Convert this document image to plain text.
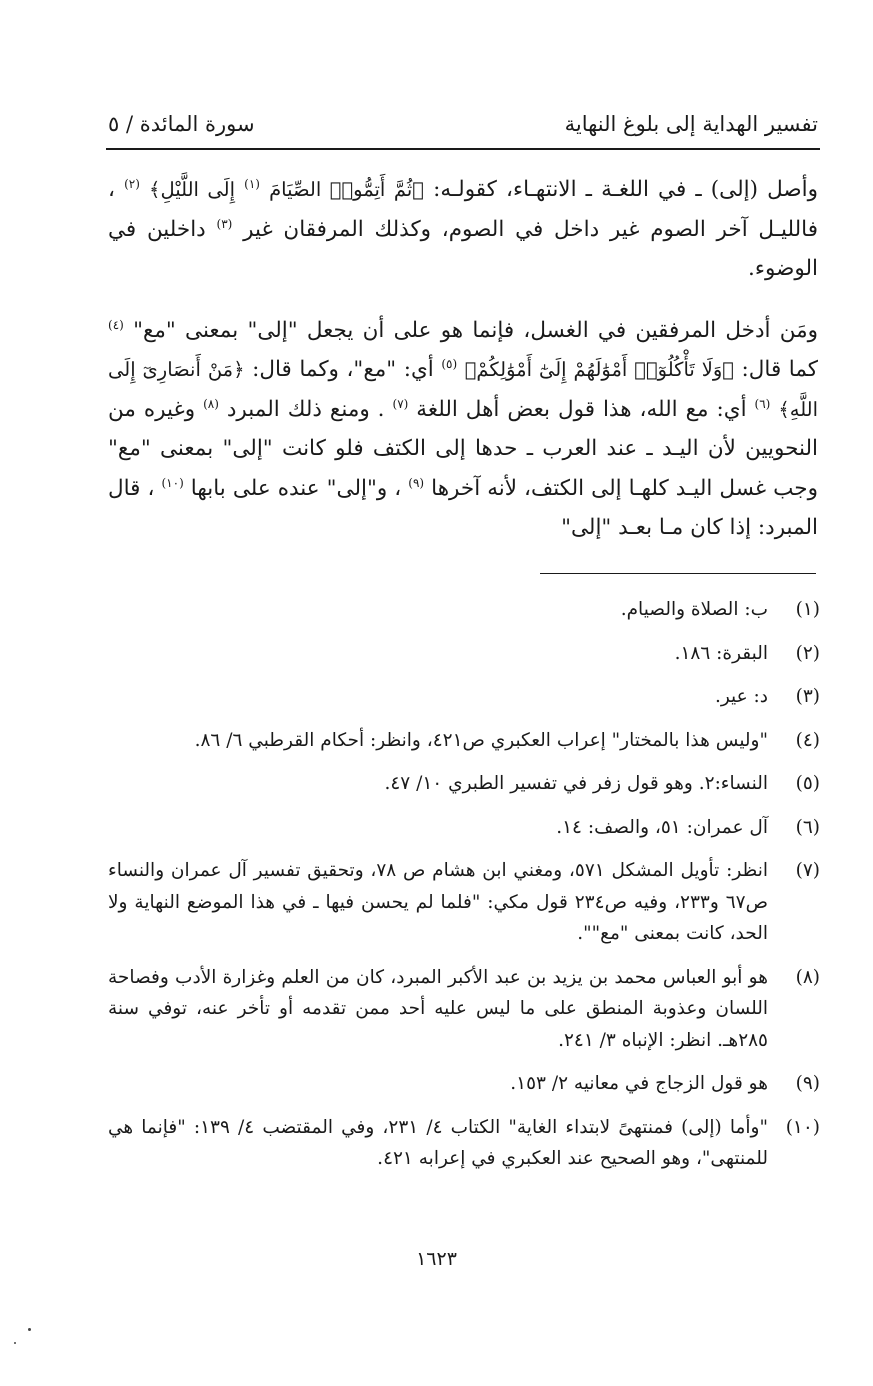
تفسير الهداية إلى بلوغ النهاية
سورة المائدة / ٥

وأصل (إلى) ـ في اللغـة ـ الانتهـاء، كقولـه: ﴿ثُمَّ أَتِمُّوا۟ الصِّيَامَ $^{(١)}$ إِلَى اللَّيْلِ﴾ $^{(٢)}$ ، فالليـل آخر الصوم غير داخل في الصوم، وكذلك المرفقان غير $^{(٣)}$ داخلين في الوضوء.

ومَن أدخل المرفقين في الغسل، فإنما هو على أن يجعل "إلى" بمعنى "مع" $^{(٤)}$ كما قال: ﴿وَلَا تَأْكُلُوٓا۟ أَمْوَٰلَهُمْ إِلَىٰٓ أَمْوَٰلِكُمْ﴾ $^{(٥)}$ أي: "مع"، وكما قال: ﴿مَنْ أَنصَارِىٓ إِلَى اللَّهِ﴾ $^{(٦)}$ أي: مع الله، هذا قول بعض أهل اللغة $^{(٧)}$ . ومنع ذلك المبرد $^{(٨)}$ وغيره من النحويين لأن اليـد ـ عند العرب ـ حدها إلى الكتف فلو كانت "إلى" بمعنى "مع" وجب غسل اليـد كلهـا إلى الكتف، لأنه آخرها $^{(٩)}$ ، و"إلى" عنده على بابها $^{(١٠)}$ ، قال المبرد: إذا كان مـا بعـد "إلى"

(١)
ب: الصلاة والصيام.
(٢)
البقرة: ١٨٦.
(٣)
د: عير.
(٤)
"وليس هذا بالمختار" إعراب العكبري ص٤٢١، وانظر: أحكام القرطبي ٦/ ٨٦.
(٥)
النساء:٢. وهو قول زفر في تفسير الطبري ١٠/ ٤٧.
(٦)
آل عمران: ٥١، والصف: ١٤.
(٧)
انظر: تأويل المشكل ٥٧١، ومغني ابن هشام ص ٧٨، وتحقيق تفسير آل عمران والنساء ص٦٧ و٢٣٣، وفيه ص٢٣٤ قول مكي: "فلما لم يحسن فيها ـ في هذا الموضع النهاية ولا الحد، كانت بمعنى "مع"".
(٨)
هو أبو العباس محمد بن يزيد بن عبد الأكبر المبرد، كان من العلم وغزارة الأدب وفصاحة اللسان وعذوبة المنطق على ما ليس عليه أحد ممن تقدمه أو تأخر عنه، توفي سنة ٢٨٥هـ. انظر: الإنباه ٣/ ٢٤١.
(٩)
هو قول الزجاج في معانيه ٢/ ١٥٣.
(١٠)
"وأما (إلى) فمنتهىً لابتداء الغاية" الكتاب ٤/ ٢٣١، وفي المقتضب ٤/ ١٣٩: "فإنما هي للمنتهى"، وهو الصحيح عند العكبري في إعرابه ٤٢١.
١٦٢٣
